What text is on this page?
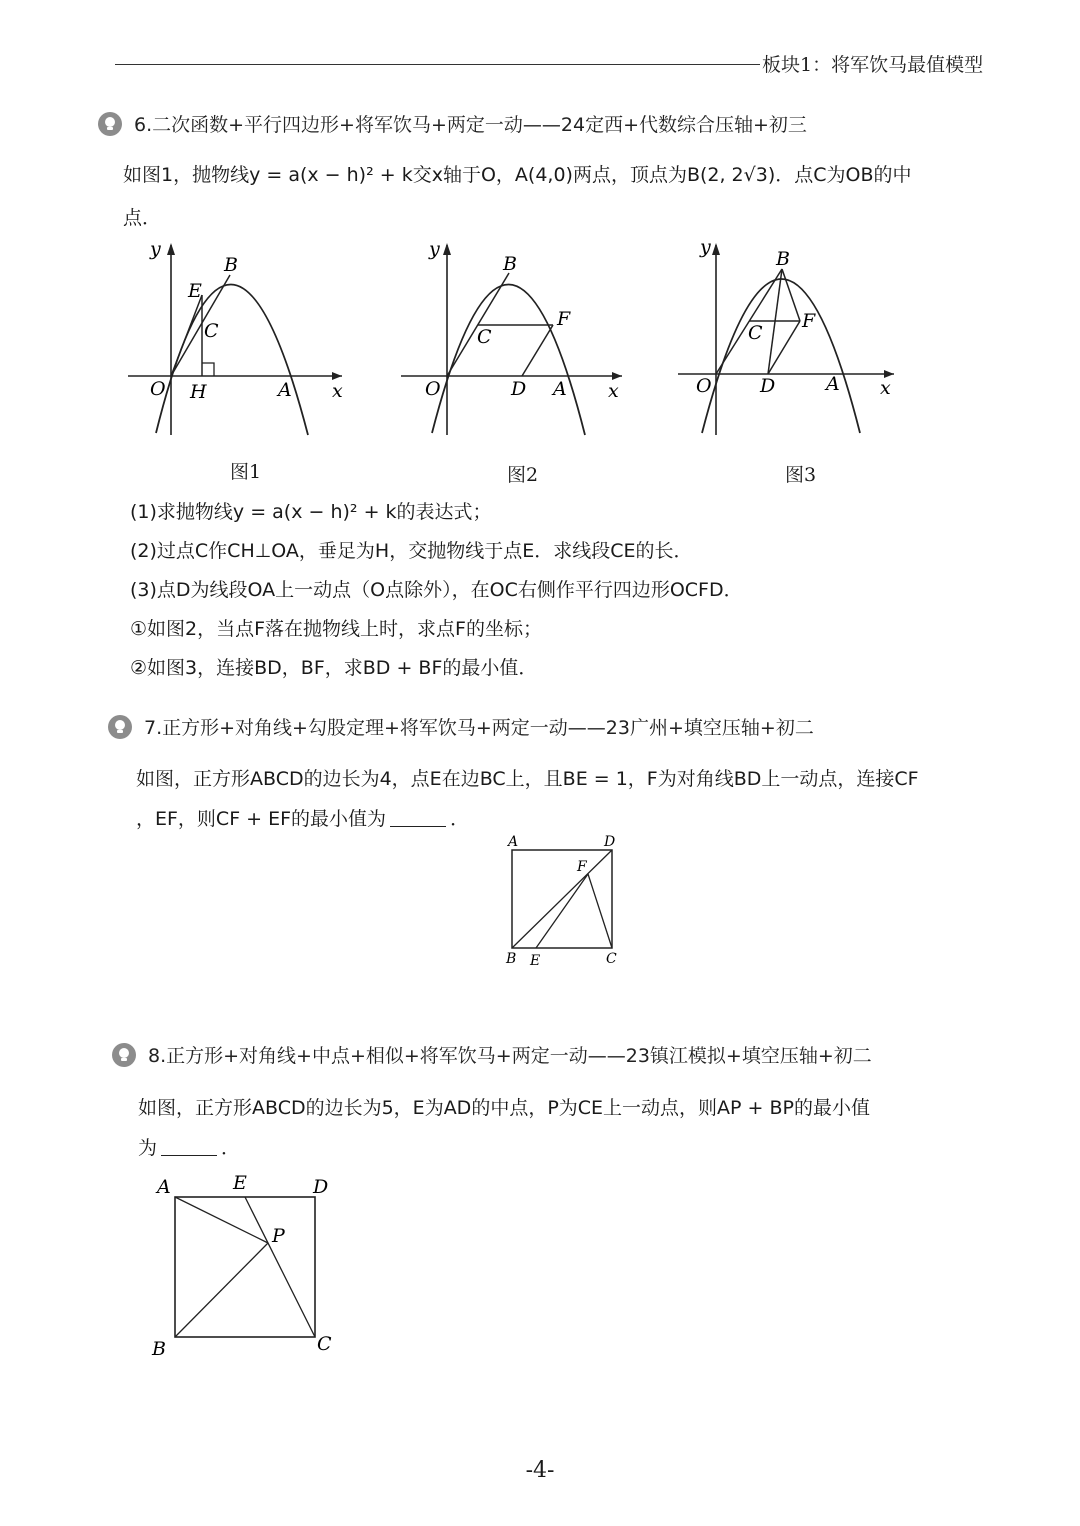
板块1：将军饮马最值模型
6.二次函数+平行四边形+将军饮马+两定一动——24定西+代数综合压轴+初三
如图1，抛物线y = a(x − h)² + k交x轴于O，A(4,0)两点，顶点为B(2, 2√3)．点C为OB的中
点．
y
B
E
C
O H	A x
图1
y
B
F
C
O	D A x
图2
y
B
C
F
O	D	A x
图3
(1)求抛物线y = a(x − h)² + k的表达式；
(2)过点C作CH⊥OA，垂足为H，交抛物线于点E．求线段CE的长．
(3)点D为线段OA上一动点（O点除外），在OC右侧作平行四边形OCFD．
①如图2，当点F落在抛物线上时，求点F的坐标；
②如图3，连接BD，BF，求BD + BF的最小值．
7.正方形+对角线+勾股定理+将军饮马+两定一动——23广州+填空压轴+初二
如图，正方形ABCD的边长为4，点E在边BC上，且BE = 1，F为对角线BD上一动点，连接CF
，EF，则CF + EF的最小值为	．
A	D
F
B E	C
8.正方形+对角线+中点+相似+将军饮马+两定一动——23镇江模拟+填空压轴+初二
如图，正方形ABCD的边长为5，E为AD的中点，P为CE上一动点，则AP + BP的最小值
为	．
A	E	D
P
B	C
-4-
